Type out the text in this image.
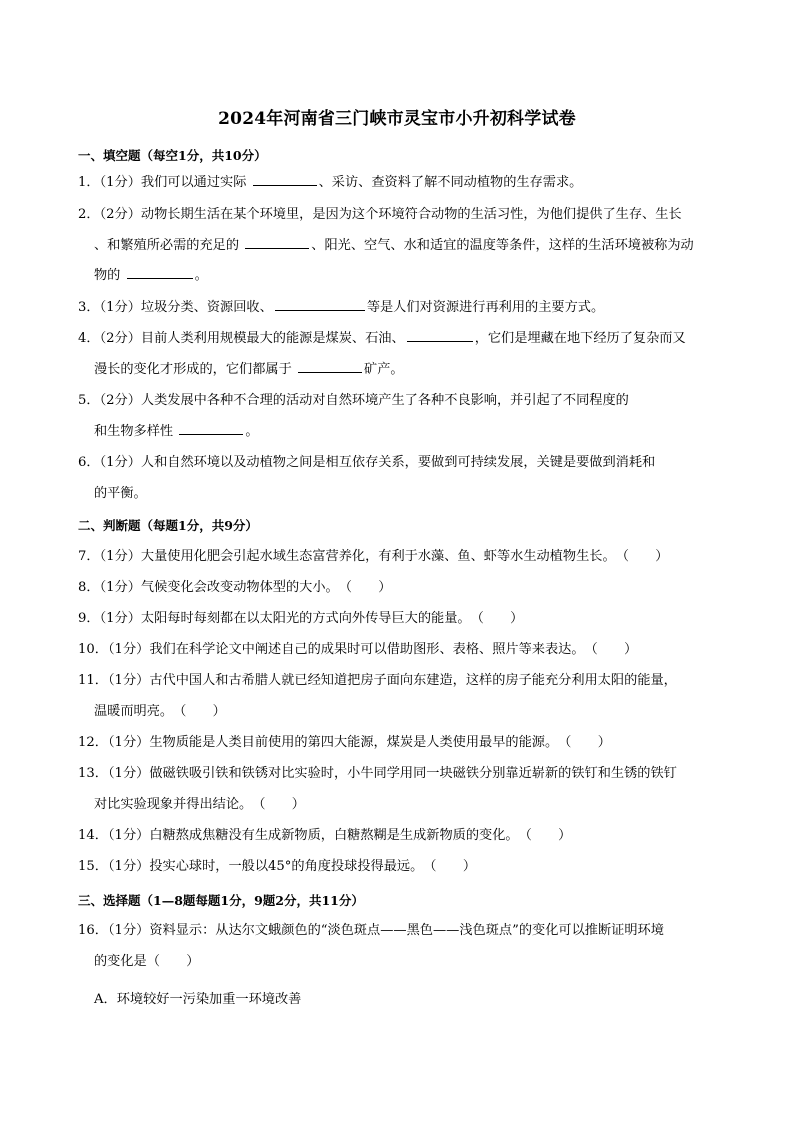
2024年河南省三门峡市灵宝市小升初科学试卷
一、填空题（每空1分，共10分）
1．（1分）我们可以通过实际	、采访、查资料了解不同动植物的生存需求。
2．（2分）动物长期生活在某个环境里，是因为这个环境符合动物的生活习性，为他们提供了生存、生长
、和繁殖所必需的充足的	、阳光、空气、水和适宜的温度等条件，这样的生活环境被称为动
物的	。
3．（1分）垃圾分类、资源回收、	等是人们对资源进行再利用的主要方式。
4．（2分）目前人类利用规模最大的能源是煤炭、石油、	，它们是埋藏在地下经历了复杂而又
漫长的变化才形成的，它们都属于	矿产。
5．（2分）人类发展中各种不合理的活动对自然环境产生了各种不良影响，并引起了不同程度的
和生物多样性	。
6．（1分）人和自然环境以及动植物之间是相互依存关系，要做到可持续发展，关键是要做到消耗和
的平衡。
二、判断题（每题1分，共9分）
7．（1分）大量使用化肥会引起水域生态富营养化，有利于水藻、鱼、虾等水生动植物生长。（　　）
8．（1分）气候变化会改变动物体型的大小。（　　）
9．（1分）太阳每时每刻都在以太阳光的方式向外传导巨大的能量。（　　）
10．（1分）我们在科学论文中阐述自己的成果时可以借助图形、表格、照片等来表达。（　　）
11．（1分）古代中国人和古希腊人就已经知道把房子面向东建造，这样的房子能充分利用太阳的能量，
温暖而明亮。（　　）
12．（1分）生物质能是人类目前使用的第四大能源，煤炭是人类使用最早的能源。（　　）
13．（1分）做磁铁吸引铁和铁锈对比实验时，小牛同学用同一块磁铁分别靠近崭新的铁钉和生锈的铁钉
对比实验现象并得出结论。（　　）
14．（1分）白糖熬成焦糖没有生成新物质，白糖熬糊是生成新物质的变化。（　　）
15．（1分）投实心球时，一般以45°的角度投球投得最远。（　　）
三、选择题（1—8题每题1分，9题2分，共11分）
16．（1分）资料显示：从达尔文蛾颜色的“淡色斑点——黑色——浅色斑点”的变化可以推断证明环境
的变化是（　　）
A．环境较好一污染加重一环境改善
